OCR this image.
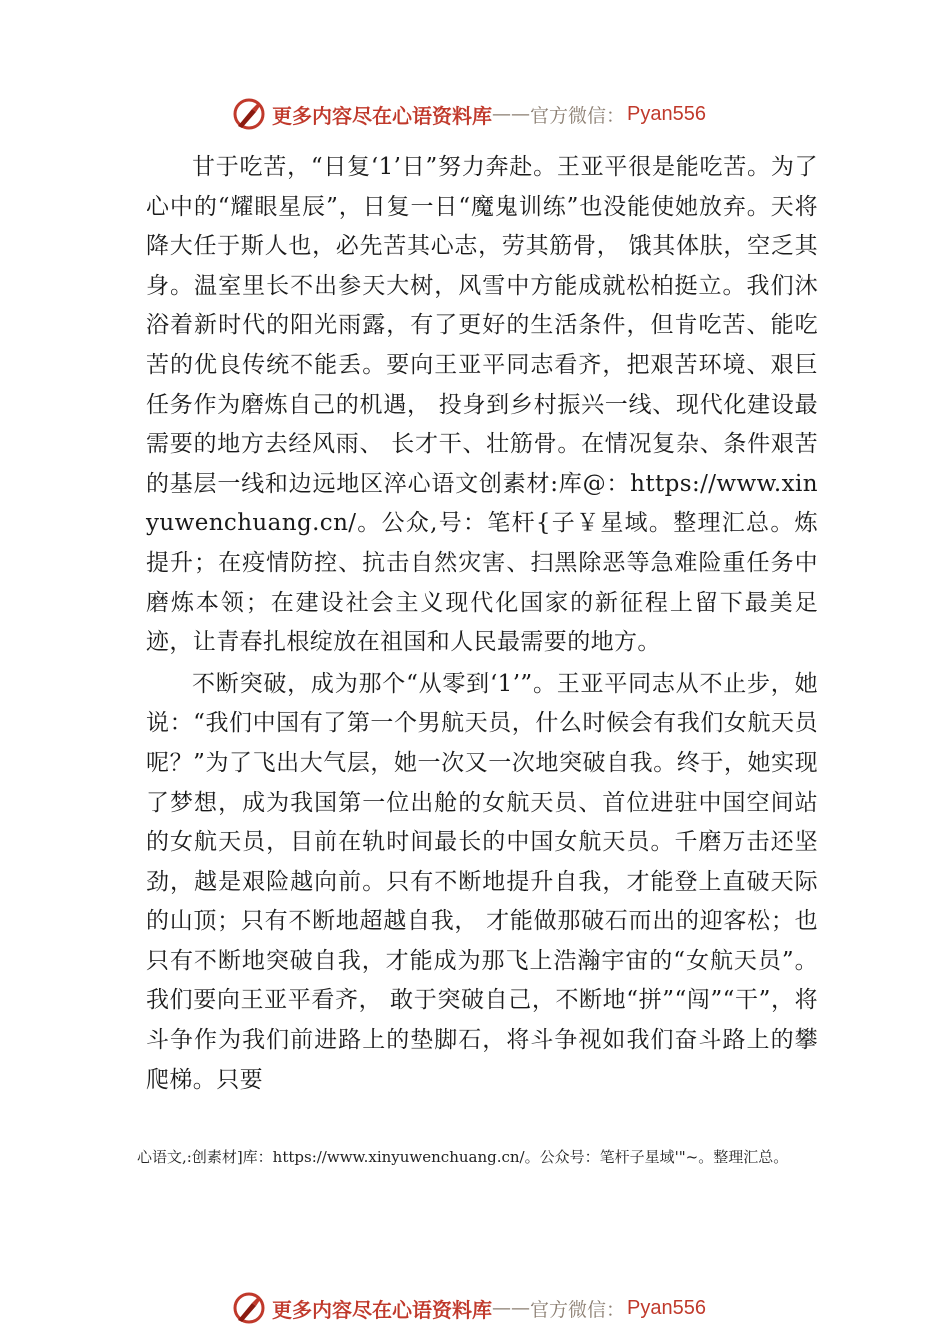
更多内容尽在心语资料库 —— 官方微信： Pyan556

甘于吃苦，“日复‘1’日”努力奔赴。王亚平很是能吃苦。为了心中的“耀眼星辰”，日复一日“魔鬼训练”也没能使她放弃。天将降大任于斯人也，必先苦其心志，劳其筋骨， 饿其体肤，空乏其身。温室里长不出参天大树，风雪中方能成就松柏挺立。我们沐浴着新时代的阳光雨露，有了更好的生活条件，但肯吃苦、能吃苦的优良传统不能丢。要向王亚平同志看齐，把艰苦环境、艰巨任务作为磨炼自己的机遇， 投身到乡村振兴一线、现代化建设最需要的地方去经风雨、 长才干、壮筋骨。在情况复杂、条件艰苦的基层一线和边远地区淬心语文创素材:库@：https://www.xinyuwenchuang.cn/。公众,号：笔杆{子￥星域。整理汇总。炼提升；在疫情防控、抗击自然灾害、扫黑除恶等急难险重任务中磨炼本领；在建设社会主义现代化国家的新征程上留下最美足迹，让青春扎根绽放在祖国和人民最需要的地方。

不断突破，成为那个“从零到‘1’”。王亚平同志从不止步，她说：“我们中国有了第一个男航天员，什么时候会有我们女航天员呢？”为了飞出大气层，她一次又一次地突破自我。终于，她实现了梦想，成为我国第一位出舱的女航天员、首位进驻中国空间站的女航天员，目前在轨时间最长的中国女航天员。千磨万击还坚劲，越是艰险越向前。只有不断地提升自我，才能登上直破天际的山顶；只有不断地超越自我， 才能做那破石而出的迎客松；也只有不断地突破自我，才能成为那飞上浩瀚宇宙的“女航天员”。我们要向王亚平看齐， 敢于突破自己，不断地“拼”“闯”“干”，将斗争作为我们前进路上的垫脚石，将斗争视如我们奋斗路上的攀爬梯。只要

心语文,:创素材]库：https://www.xinyuwenchuang.cn/。公众号：笔杆子星域'"~。整理汇总。
更多内容尽在心语资料库 —— 官方微信： Pyan556
